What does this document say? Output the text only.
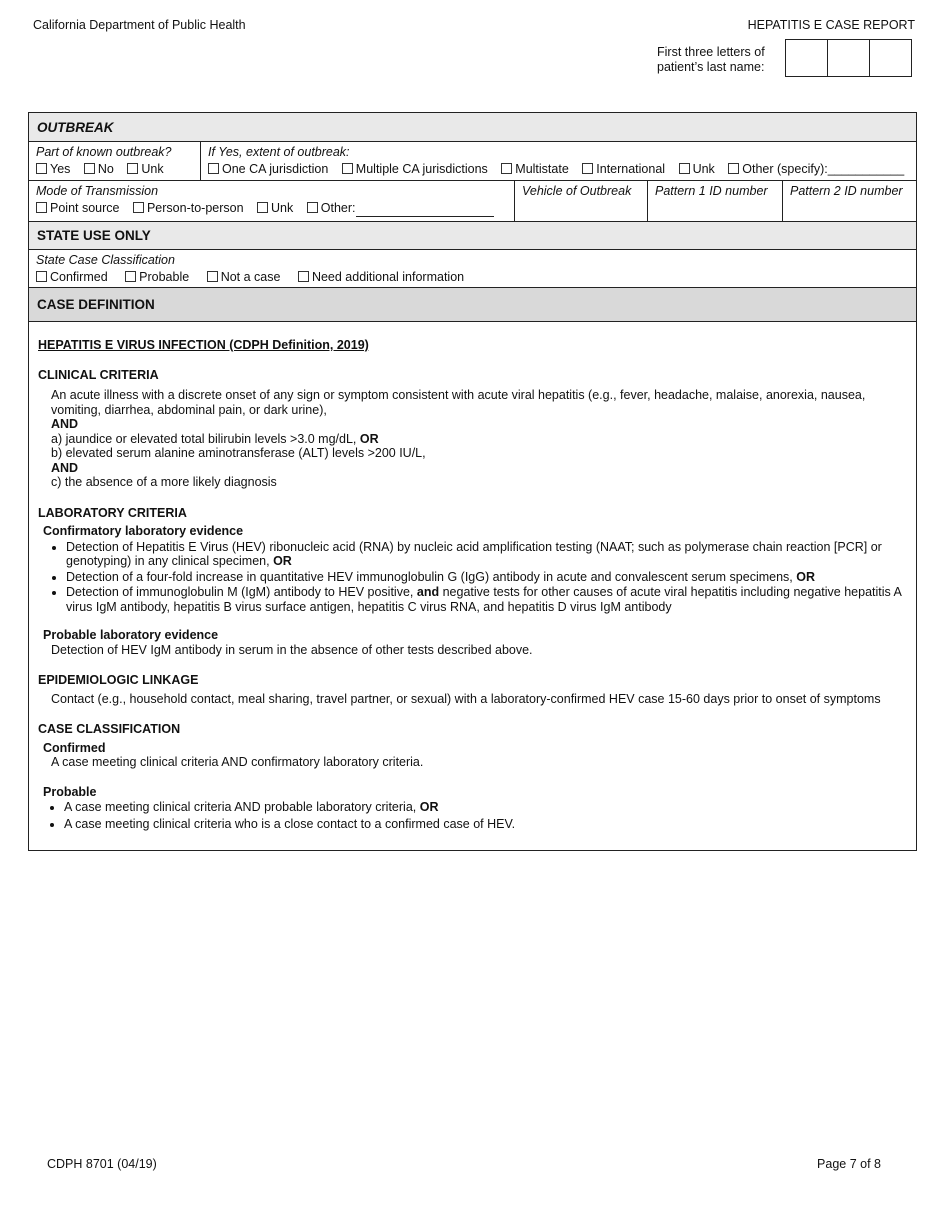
California Department of Public Health	HEPATITIS E CASE REPORT
First three letters of
patient’s last name:
OUTBREAK
Part of known outbreak?
Yes No Unk
If Yes, extent of outbreak:
One CA jurisdiction Multiple CA jurisdictions Multistate International Unk Other (specify):___________
Mode of Transmission
Point source Person-to-person Unk Other:
Vehicle of Outbreak	Pattern 1 ID number	Pattern 2 ID number
STATE USE ONLY
State Case Classification
Confirmed	Probable	Not a case	Need additional information
CASE DEFINITION
HEPATITIS E VIRUS INFECTION (CDPH Definition, 2019)
CLINICAL CRITERIA
An acute illness with a discrete onset of any sign or symptom consistent with acute viral hepatitis (e.g., fever, headache, malaise, anorexia, nausea, vomiting, diarrhea, abdominal pain, or dark urine),
AND
a) jaundice or elevated total bilirubin levels >3.0 mg/dL, OR
b) elevated serum alanine aminotransferase (ALT) levels >200 IU/L,
AND
c) the absence of a more likely diagnosis
LABORATORY CRITERIA
Confirmatory laboratory evidence
• Detection of Hepatitis E Virus (HEV) ribonucleic acid (RNA) by nucleic acid amplification testing (NAAT; such as polymerase chain reaction [PCR] or genotyping) in any clinical specimen, OR
• Detection of a four-fold increase in quantitative HEV immunoglobulin G (IgG) antibody in acute and convalescent serum specimens, OR
• Detection of immunoglobulin M (IgM) antibody to HEV positive, and negative tests for other causes of acute viral hepatitis including negative hepatitis A virus IgM antibody, hepatitis B virus surface antigen, hepatitis C virus RNA, and hepatitis D virus IgM antibody
Probable laboratory evidence
Detection of HEV IgM antibody in serum in the absence of other tests described above.
EPIDEMIOLOGIC LINKAGE
Contact (e.g., household contact, meal sharing, travel partner, or sexual) with a laboratory-confirmed HEV case 15-60 days prior to onset of symptoms
CASE CLASSIFICATION
Confirmed
A case meeting clinical criteria AND confirmatory laboratory criteria.
Probable
• A case meeting clinical criteria AND probable laboratory criteria, OR
• A case meeting clinical criteria who is a close contact to a confirmed case of HEV.
CDPH 8701 (04/19)	Page 7 of 8
